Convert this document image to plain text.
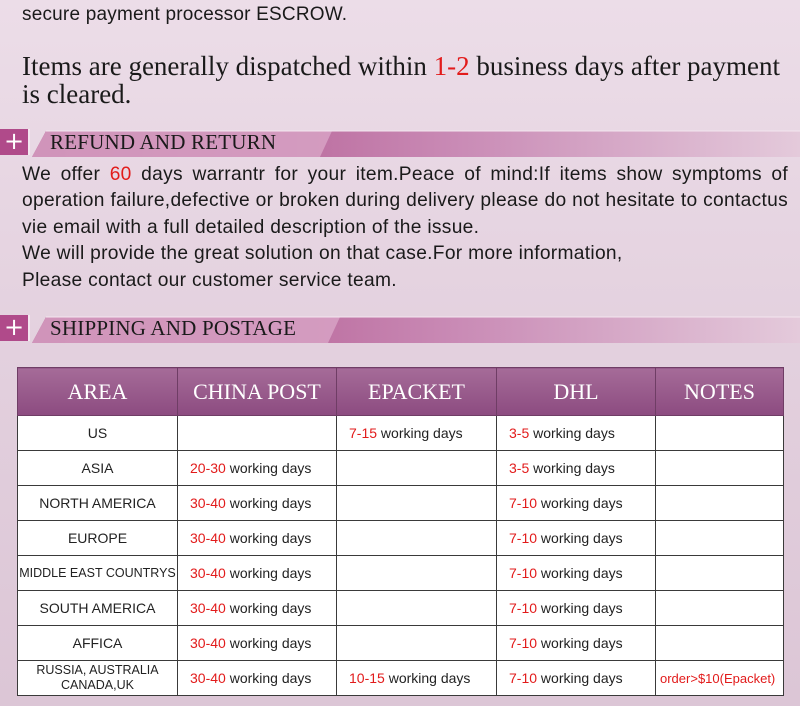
secure payment processor ESCROW.
Items are generally dispatched within 1-2 business days after payment is cleared.
+ REFUND AND RETURN

We offer 60 days warrantr for your item.Peace of mind:If items show symptoms of operation failure,defective or broken during delivery please do not hesitate to contactus vie email with a full detailed description of the issue.

We will provide the great solution on that case.For more information,

Please contact our customer service team.

+ SHIPPING AND POSTAGE
AREA	CHINA POST	EPACKET	DHL	NOTES
US		7-15 working days	3-5 working days	
ASIA	20-30 working days		3-5 working days	
NORTH AMERICA	30-40 working days		7-10 working days	
EUROPE	30-40 working days		7-10 working days	
MIDDLE EAST COUNTRYS	30-40 working days		7-10 working days	
SOUTH AMERICA	30-40 working days		7-10 working days	
AFFICA	30-40 working days		7-10 working days	
RUSSIA, AUSTRALIA
CANADA,UK	30-40 working days	10-15 working days	7-10 working days	order>$10(Epacket)
